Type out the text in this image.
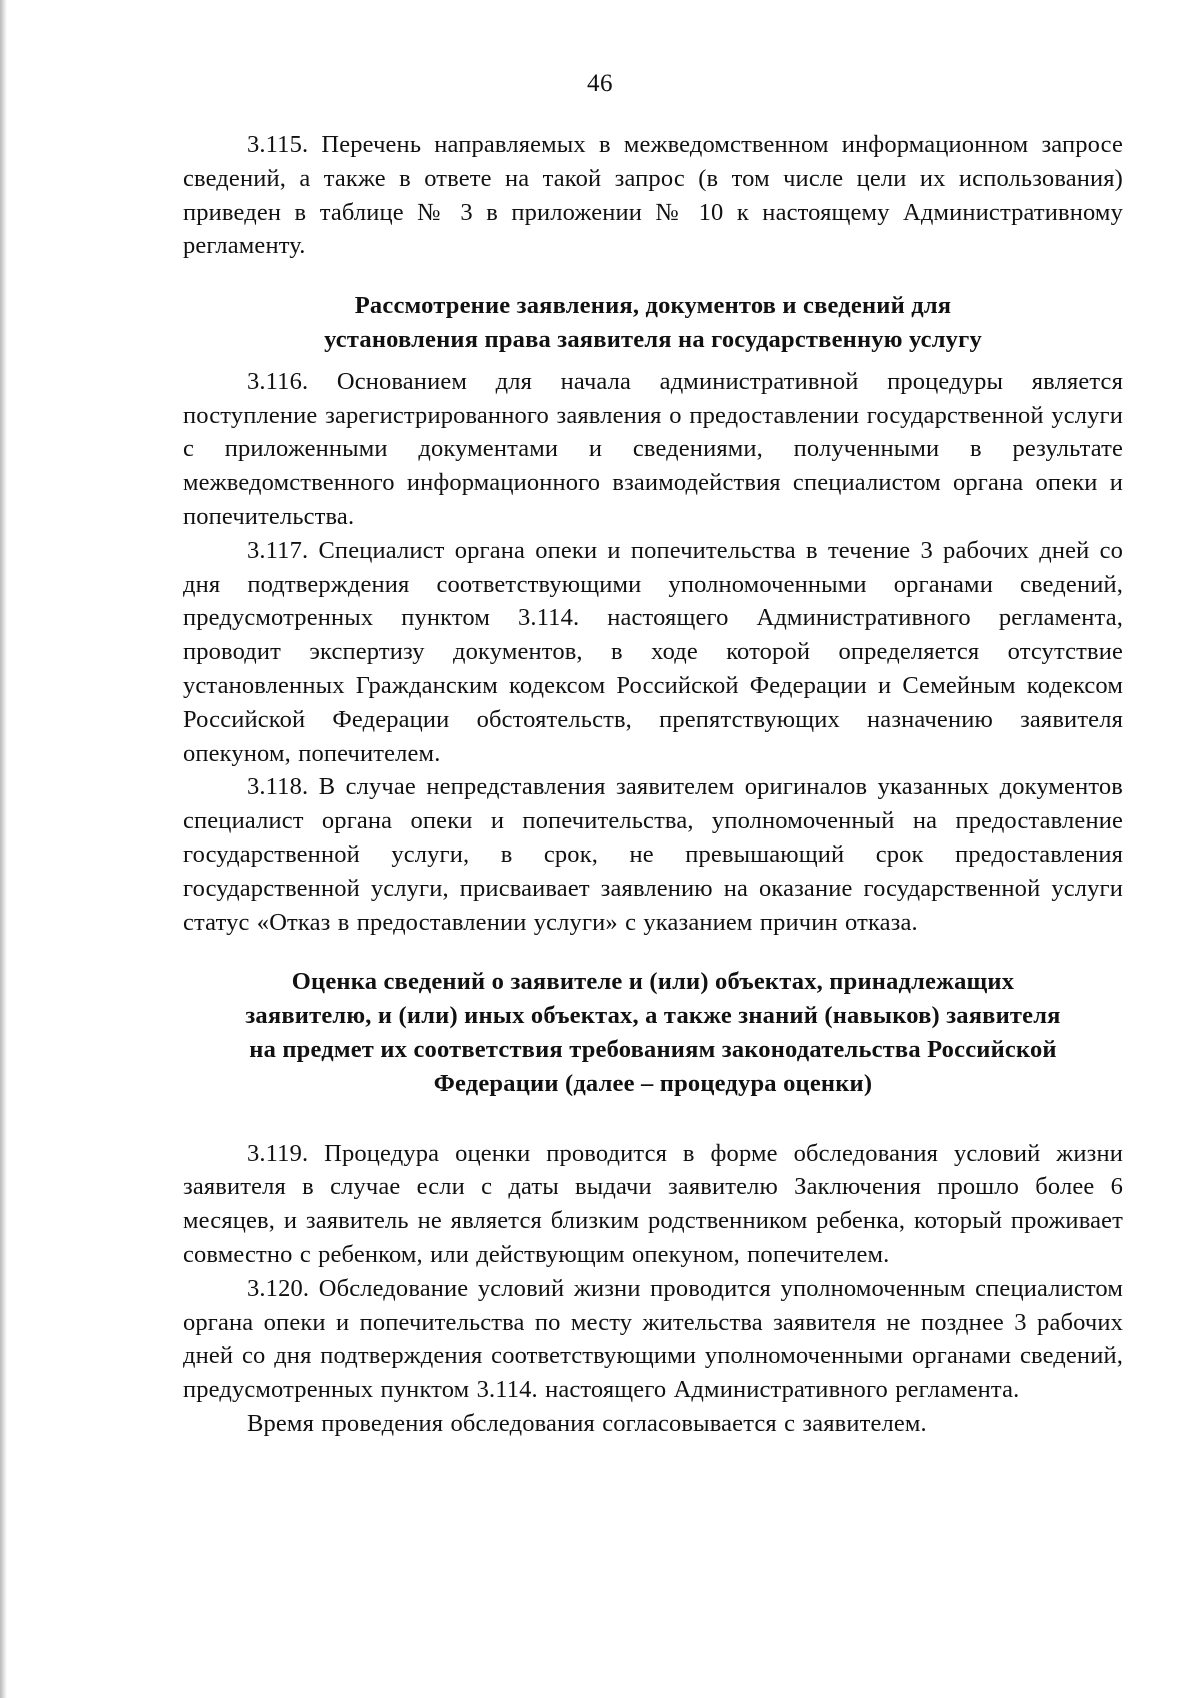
46

3.115. Перечень направляемых в межведомственном информационном запросе сведений, а также в ответе на такой запрос (в том числе цели их использования) приведен в таблице № 3 в приложении № 10 к настоящему Административному регламенту.

Рассмотрение заявления, документов и сведений для
установления права заявителя на государственную услугу

3.116. Основанием для начала административной процедуры является поступление зарегистрированного заявления о предоставлении государственной услуги с приложенными документами и сведениями, полученными в результате межведомственного информационного взаимодействия специалистом органа опеки и попечительства.

3.117. Специалист органа опеки и попечительства в течение 3 рабочих дней со дня подтверждения соответствующими уполномоченными органами сведений, предусмотренных пунктом 3.114. настоящего Административного регламента, проводит экспертизу документов, в ходе которой определяется отсутствие установленных Гражданским кодексом Российской Федерации и Семейным кодексом Российской Федерации обстоятельств, препятствующих назначению заявителя опекуном, попечителем.

3.118. В случае непредставления заявителем оригиналов указанных документов специалист органа опеки и попечительства, уполномоченный на предоставление государственной услуги, в срок, не превышающий срок предоставления государственной услуги, присваивает заявлению на оказание государственной услуги статус «Отказ в предоставлении услуги» с указанием причин отказа.

Оценка сведений о заявителе и (или) объектах, принадлежащих
заявителю, и (или) иных объектах, а также знаний (навыков) заявителя
на предмет их соответствия требованиям законодательства Российской
Федерации (далее – процедура оценки)

3.119. Процедура оценки проводится в форме обследования условий жизни заявителя в случае если с даты выдачи заявителю Заключения прошло более 6 месяцев, и заявитель не является близким родственником ребенка, который проживает совместно с ребенком, или действующим опекуном, попечителем.

3.120. Обследование условий жизни проводится уполномоченным специалистом органа опеки и попечительства по месту жительства заявителя не позднее 3 рабочих дней со дня подтверждения соответствующими уполномоченными органами сведений, предусмотренных пунктом 3.114. настоящего Административного регламента.

Время проведения обследования согласовывается с заявителем.
